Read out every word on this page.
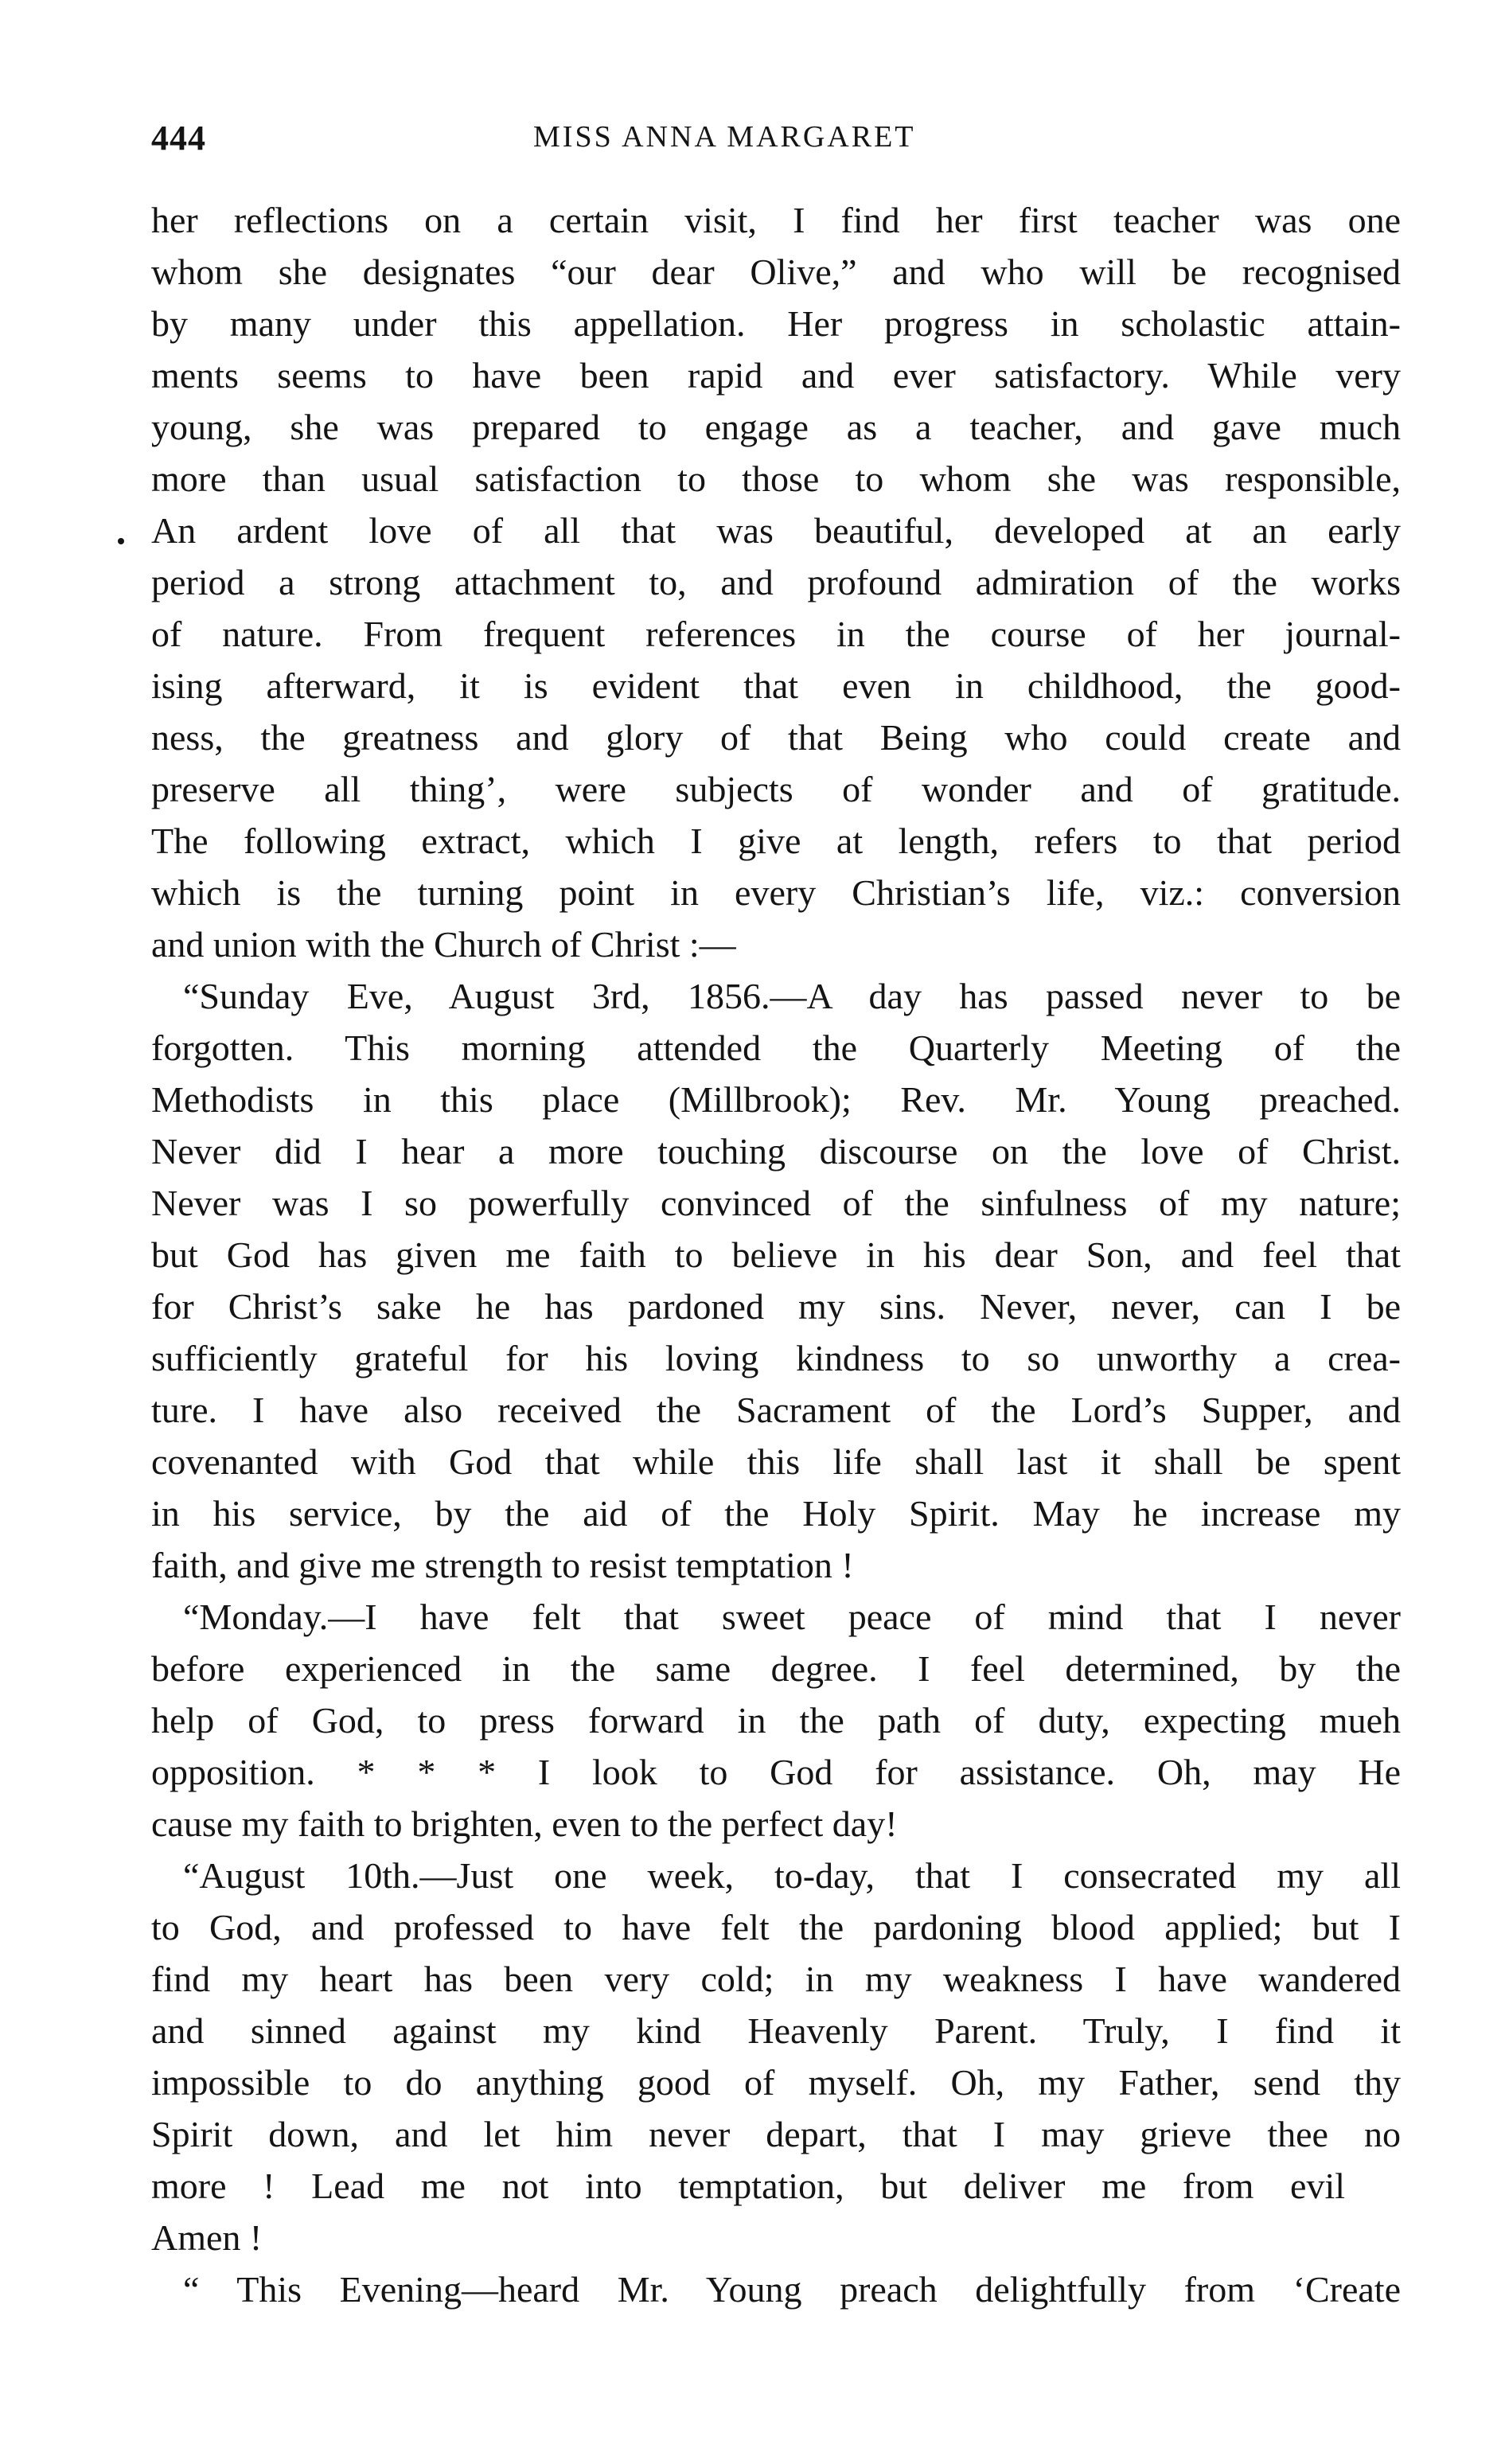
444	MISS ANNA MARGARET
her reflections on a certain visit, I find her first teacher was one
whom she designates “our dear Olive,” and who will be recognised
by many under this appellation. Her progress in scholastic attain-
ments seems to have been rapid and ever satisfactory. While very
young, she was prepared to engage as a teacher, and gave much
more than usual satisfaction to those to whom she was responsible,
An ardent love of all that was beautiful, developed at an early
period a strong attachment to, and profound admiration of the works
of nature. From frequent references in the course of her journal-
ising afterward, it is evident that even in childhood, the good-
ness, the greatness and glory of that Being who could create and
preserve all thingʼ, were subjects of wonder and of gratitude.
The following extract, which I give at length, refers to that period
which is the turning point in every Christian’s life, viz.: conversion
and union with the Church of Christ :—
“Sunday Eve, August 3rd, 1856.—A day has passed never to be
forgotten. This morning attended the Quarterly Meeting of the
Methodists in this place (Millbrook); Rev. Mr. Young preached.
Never did I hear a more touching discourse on the love of Christ.
Never was I so powerfully convinced of the sinfulness of my nature;
but God has given me faith to believe in his dear Son, and feel that
for Christ’s sake he has pardoned my sins. Never, never, can I be
sufficiently grateful for his loving kindness to so unworthy a crea-
ture. I have also received the Sacrament of the Lord’s Supper, and
covenanted with God that while this life shall last it shall be spent
in his service, by the aid of the Holy Spirit. May he increase my
faith, and give me strength to resist temptation !
“Monday.—I have felt that sweet peace of mind that I never
before experienced in the same degree. I feel determined, by the
help of God, to press forward in the path of duty, expecting mueh
opposition. * * * I look to God for assistance. Oh, may He
cause my faith to brighten, even to the perfect day!
“August 10th.—Just one week, to-day, that I consecrated my all
to God, and professed to have felt the pardoning blood applied; but I
find my heart has been very cold; in my weakness I have wandered
and sinned against my kind Heavenly Parent. Truly, I find it
impossible to do anything good of myself. Oh, my Father, send thy
Spirit down, and let him never depart, that I may grieve thee no
more ! Lead me not into temptation, but deliver me from evil
Amen !
“ This Evening—heard Mr. Young preach delightfully from ‘Create
